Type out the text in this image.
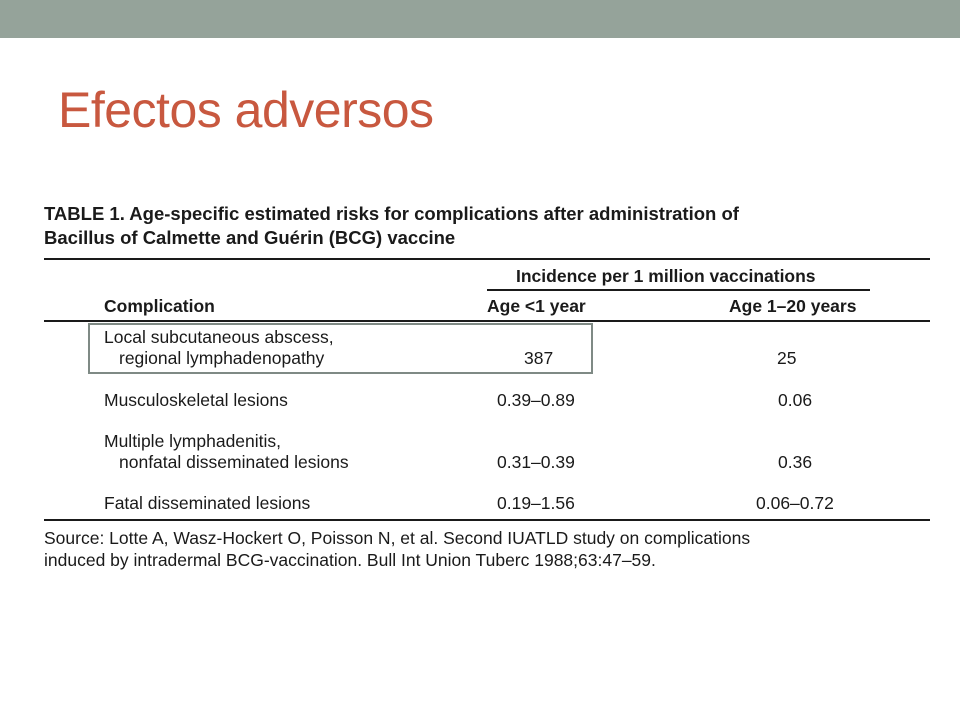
Efectos adversos
TABLE 1. Age-specific estimated risks for complications after administration of
Bacillus of Calmette and Guérin (BCG) vaccine
Incidence per 1 million vaccinations
Complication	Age <1 year	Age 1–20 years
Local subcutaneous abscess,
regional lymphadenopathy	387	25
Musculoskeletal lesions	0.39–0.89	0.06
Multiple lymphadenitis,
nonfatal disseminated lesions	0.31–0.39	0.36
Fatal disseminated lesions	0.19–1.56	0.06–0.72
Source: Lotte A, Wasz-Hockert O, Poisson N, et al. Second IUATLD study on complications
induced by intradermal BCG-vaccination. Bull Int Union Tuberc 1988;63:47–59.
